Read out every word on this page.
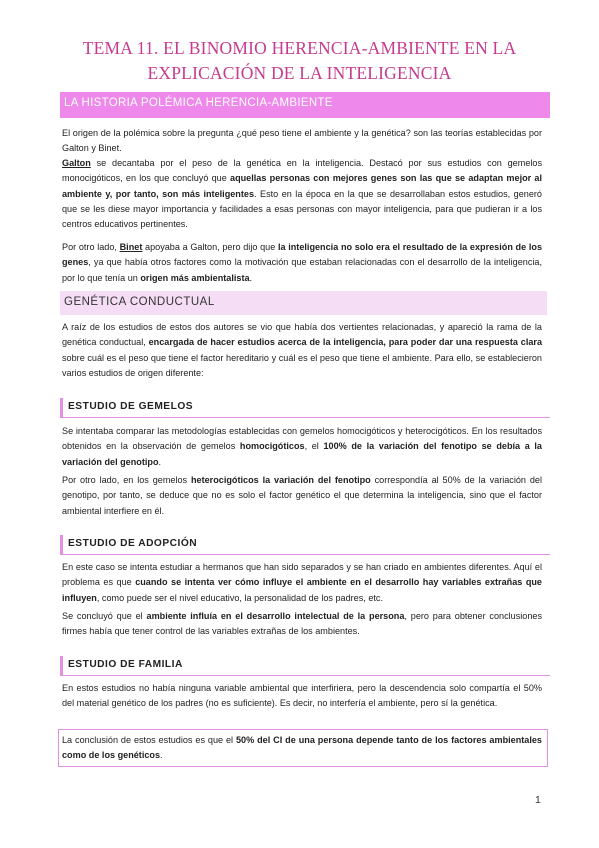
TEMA 11. EL BINOMIO HERENCIA-AMBIENTE EN LA
EXPLICACIÓN DE LA INTELIGENCIA
LA HISTORIA POLÉMICA HERENCIA-AMBIENTE
El origen de la polémica sobre la pregunta ¿qué peso tiene el ambiente y la genética? son las teorías establecidas por Galton y Binet.
Galton se decantaba por el peso de la genética en la inteligencia. Destacó por sus estudios con gemelos monocigóticos, en los que concluyó que aquellas personas con mejores genes son las que se adaptan mejor al ambiente y, por tanto, son más inteligentes. Esto en la época en la que se desarrollaban estos estudios, generó que se les diese mayor importancia y facilidades a esas personas con mayor inteligencia, para que pudieran ir a los centros educativos pertinentes.
Por otro lado, Binet apoyaba a Galton, pero dijo que la inteligencia no solo era el resultado de la expresión de los genes, ya que había otros factores como la motivación que estaban relacionadas con el desarrollo de la inteligencia, por lo que tenía un origen más ambientalista.
GENÉTICA CONDUCTUAL
A raíz de los estudios de estos dos autores se vio que había dos vertientes relacionadas, y apareció la rama de la genética conductual, encargada de hacer estudios acerca de la inteligencia, para poder dar una respuesta clara sobre cuál es el peso que tiene el factor hereditario y cuál es el peso que tiene el ambiente. Para ello, se establecieron varios estudios de origen diferente:
ESTUDIO DE GEMELOS
Se intentaba comparar las metodologías establecidas con gemelos homocigóticos y heterocigóticos. En los resultados obtenidos en la observación de gemelos homocigóticos, el 100% de la variación del fenotipo se debía a la variación del genotipo.
Por otro lado, en los gemelos heterocigóticos la variación del fenotipo correspondía al 50% de la variación del genotipo, por tanto, se deduce que no es solo el factor genético el que determina la inteligencia, sino que el factor ambiental interfiere en él.
ESTUDIO DE ADOPCIÓN
En este caso se intenta estudiar a hermanos que han sido separados y se han criado en ambientes diferentes. Aquí el problema es que cuando se intenta ver cómo influye el ambiente en el desarrollo hay variables extrañas que influyen, como puede ser el nivel educativo, la personalidad de los padres, etc.
Se concluyó que el ambiente influía en el desarrollo intelectual de la persona, pero para obtener conclusiones firmes había que tener control de las variables extrañas de los ambientes.
ESTUDIO DE FAMILIA
En estos estudios no había ninguna variable ambiental que interfiriera, pero la descendencia solo compartía el 50% del material genético de los padres (no es suficiente). Es decir, no interfería el ambiente, pero sí la genética.
La conclusión de estos estudios es que el 50% del CI de una persona depende tanto de los factores ambientales como de los genéticos.
1
